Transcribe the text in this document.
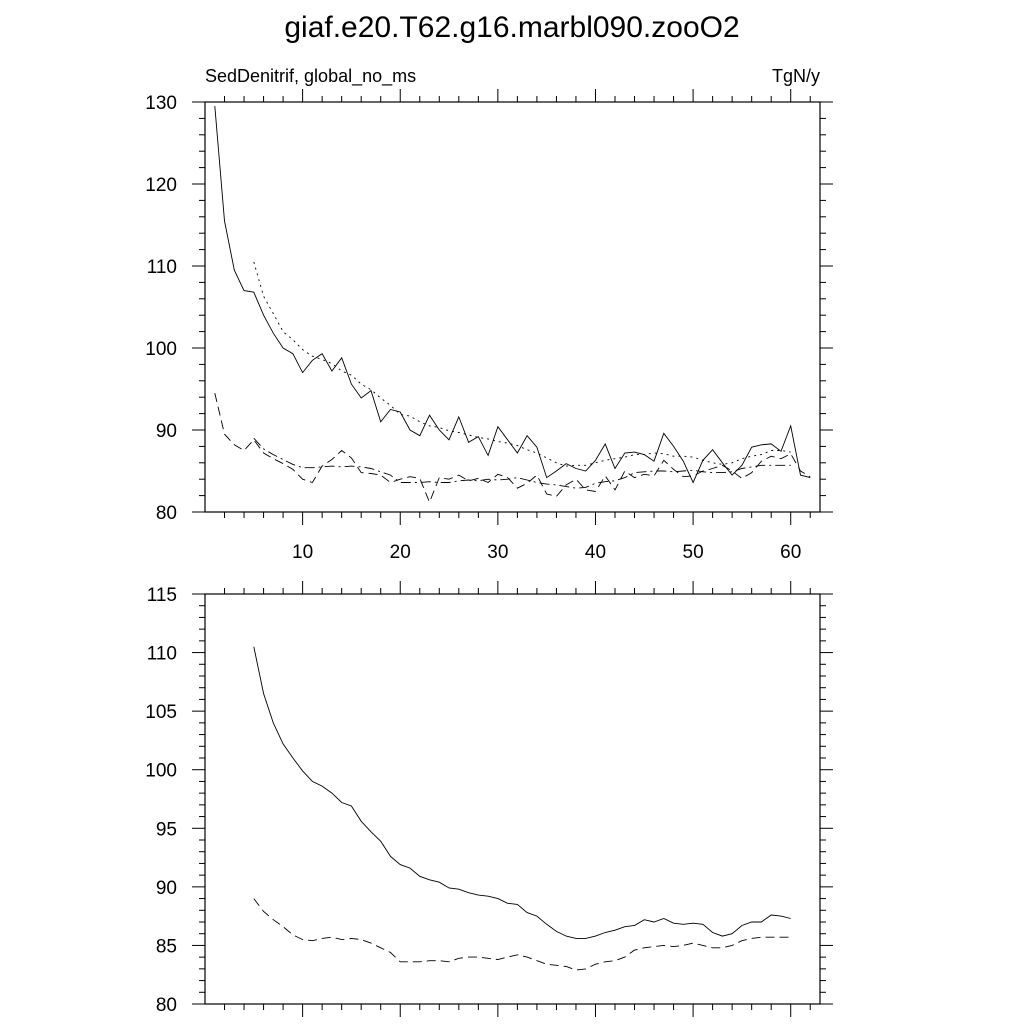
giaf.e20.T62.g16.marbl090.zooO2
SedDenitrif, global_no_ms	TgN/y
10	20	30	40	50	60
80
90
100
110
120
130
80
85
90
95
100
105
110
115
